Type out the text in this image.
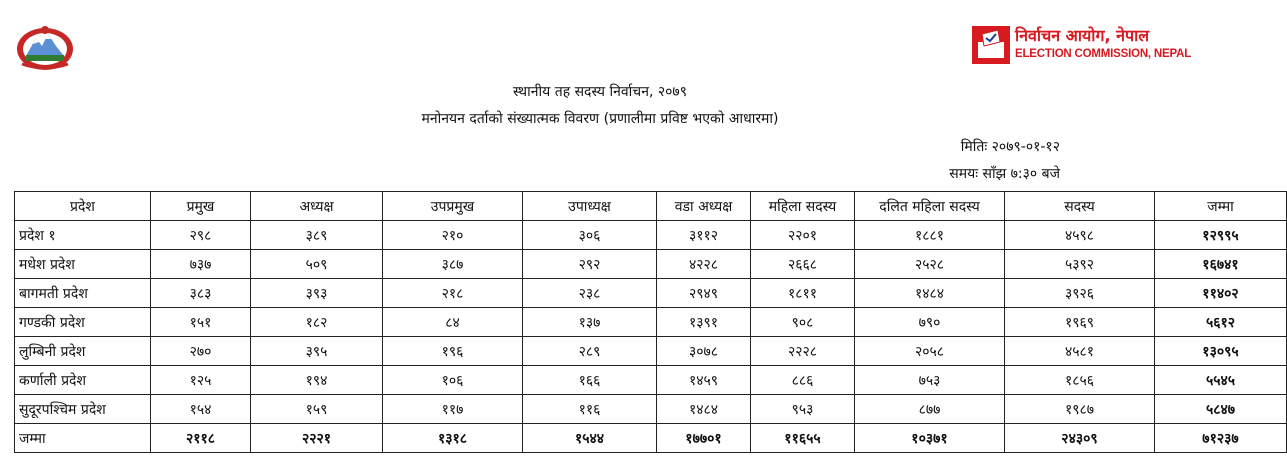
निर्वाचन आयोग, नेपाल
ELECTION COMMISSION, NEPAL
स्थानीय तह सदस्य निर्वाचन, २०७९
मनोनयन दर्ताको संख्यात्मक विवरण (प्रणालीमा प्रविष्ट भएको आधारमा)
मितिः २०७९-०१-१२
समयः साँझ ७:३० बजे
प्रदेश	प्रमुख	अध्यक्ष	उपप्रमुख	उपाध्यक्ष	वडा अध्यक्ष	महिला सदस्य	दलित महिला सदस्य	सदस्य	जम्मा
प्रदेश १	२९८	३८९	२१०	३०६	३११२	२२०१	१८८१	४५९८	१२९९५
मधेश प्रदेश	७३७	५०९	३८७	२९२	४२२८	२६६८	२५२८	५३९२	१६७४१
बागमती प्रदेश	३८३	३९३	२१८	२३८	२९४९	१८११	१४८४	३९२६	११४०२
गण्डकी प्रदेश	१५१	१८२	८४	१३७	१३९१	९०८	७९०	१९६९	५६१२
लुम्बिनी प्रदेश	२७०	३९५	१९६	२८९	३०७८	२२२८	२०५८	४५८१	१३०९५
कर्णाली प्रदेश	१२५	१९४	१०६	१६६	१४५९	८८६	७५३	१८५६	५५४५
सुदूरपश्चिम प्रदेश	१५४	१५९	११७	११६	१४८४	९५३	८७७	१९८७	५८४७
जम्मा	२११८	२२२१	१३१८	१५४४	१७७०१	११६५५	१०३७१	२४३०९	७१२३७
